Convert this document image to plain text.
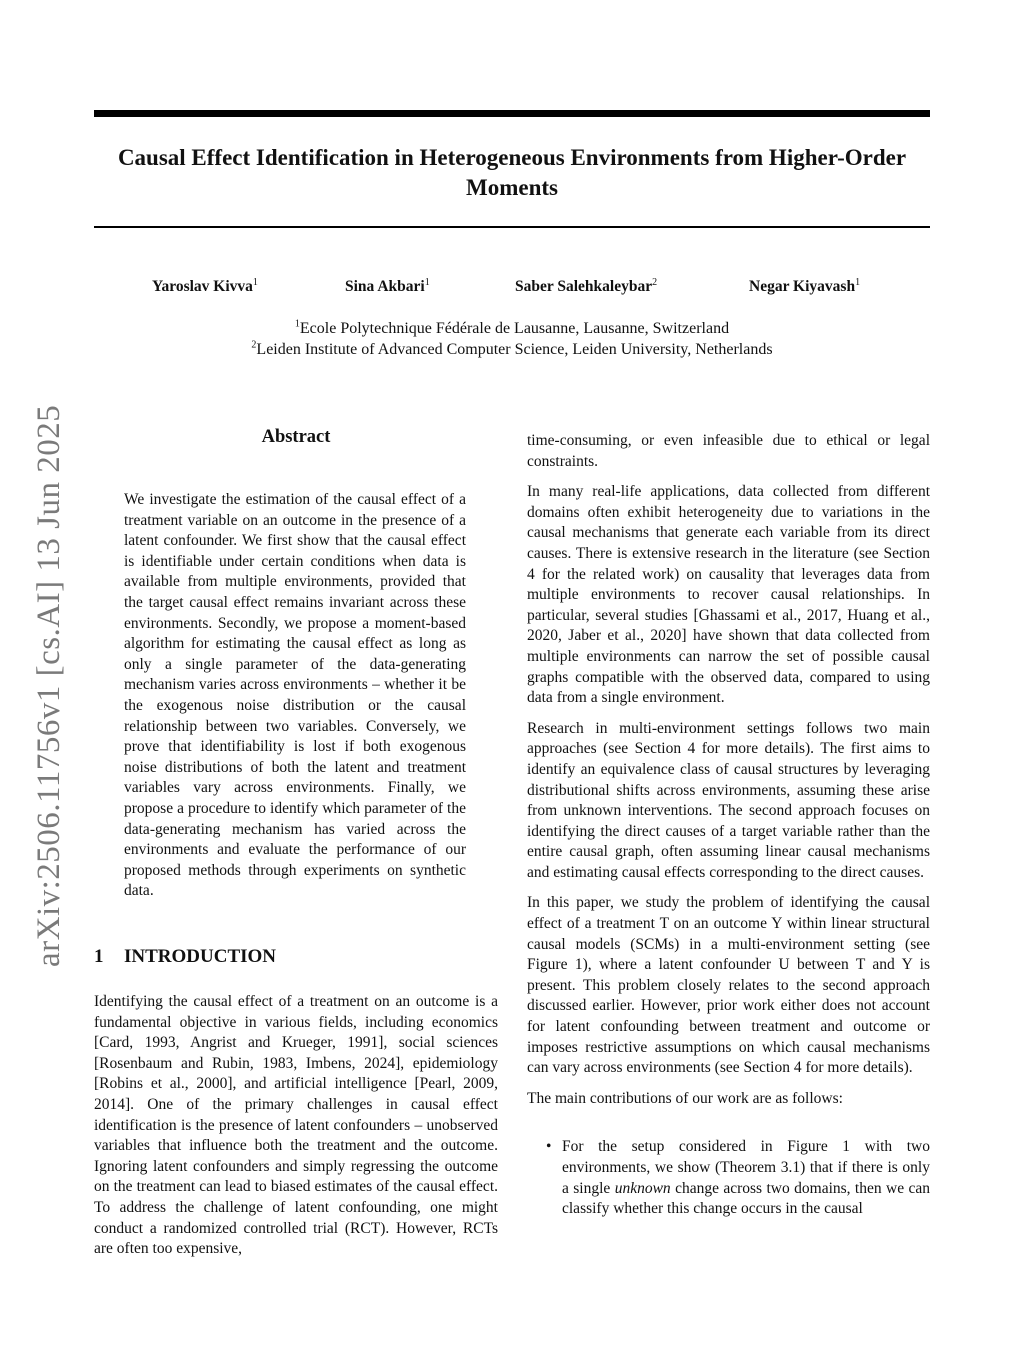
Causal Effect Identification in Heterogeneous Environments from Higher-Order Moments
Yaroslav Kivva$^1$	Sina Akbari$^1$	Saber Salehkaleybar$^2$	Negar Kiyavash$^1$
$^1$Ecole Polytechnique Fédérale de Lausanne, Lausanne, Switzerland
$^2$Leiden Institute of Advanced Computer Science, Leiden University, Netherlands
arXiv:2506.11756v1 [cs.AI] 13 Jun 2025	Abstract

We investigate the estimation of the causal effect of a treatment variable on an outcome in the presence of a latent confounder. We first show that the causal effect is identifiable under certain conditions when data is available from multiple environments, provided that the target causal effect remains invariant across these environments. Secondly, we propose a moment-based algorithm for estimating the causal effect as long as only a single parameter of the data-generating mechanism varies across environments – whether it be the exogenous noise distribution or the causal relationship between two variables. Conversely, we prove that identifiability is lost if both exogenous noise distributions of both the latent and treatment variables vary across environments. Finally, we propose a procedure to identify which parameter of the data-generating mechanism has varied across the environments and evaluate the performance of our proposed methods through experiments on synthetic data.

1 INTRODUCTION

Identifying the causal effect of a treatment on an outcome is a fundamental objective in various fields, including economics [Card, 1993, Angrist and Krueger, 1991], social sciences [Rosenbaum and Rubin, 1983, Imbens, 2024], epidemiology [Robins et al., 2000], and artificial intelligence [Pearl, 2009, 2014]. One of the primary challenges in causal effect identification is the presence of latent confounders – unobserved variables that influence both the treatment and the outcome. Ignoring latent confounders and simply regressing the outcome on the treatment can lead to biased estimates of the causal effect. To address the challenge of latent confounding, one might conduct a randomized controlled trial (RCT). However, RCTs are often too expensive,

time-consuming, or even infeasible due to ethical or legal constraints.

In many real-life applications, data collected from different domains often exhibit heterogeneity due to variations in the causal mechanisms that generate each variable from its direct causes. There is extensive research in the literature (see Section 4 for the related work) on causality that leverages data from multiple environments to recover causal relationships. In particular, several studies [Ghassami et al., 2017, Huang et al., 2020, Jaber et al., 2020] have shown that data collected from multiple environments can narrow the set of possible causal graphs compatible with the observed data, compared to using data from a single environment.

Research in multi-environment settings follows two main approaches (see Section 4 for more details). The first aims to identify an equivalence class of causal structures by leveraging distributional shifts across environments, assuming these arise from unknown interventions. The second approach focuses on identifying the direct causes of a target variable rather than the entire causal graph, often assuming linear causal mechanisms and estimating causal effects corresponding to the direct causes.

In this paper, we study the problem of identifying the causal effect of a treatment T on an outcome Y within linear structural causal models (SCMs) in a multi-environment setting (see Figure 1), where a latent confounder U between T and Y is present. This problem closely relates to the second approach discussed earlier. However, prior work either does not account for latent confounding between treatment and outcome or imposes restrictive assumptions on which causal mechanisms can vary across environments (see Section 4 for more details).

The main contributions of our work are as follows:

• For the setup considered in Figure 1 with two environments, we show (Theorem 3.1) that if there is only a single unknown change across two domains, then we can classify whether this change occurs in the causal
